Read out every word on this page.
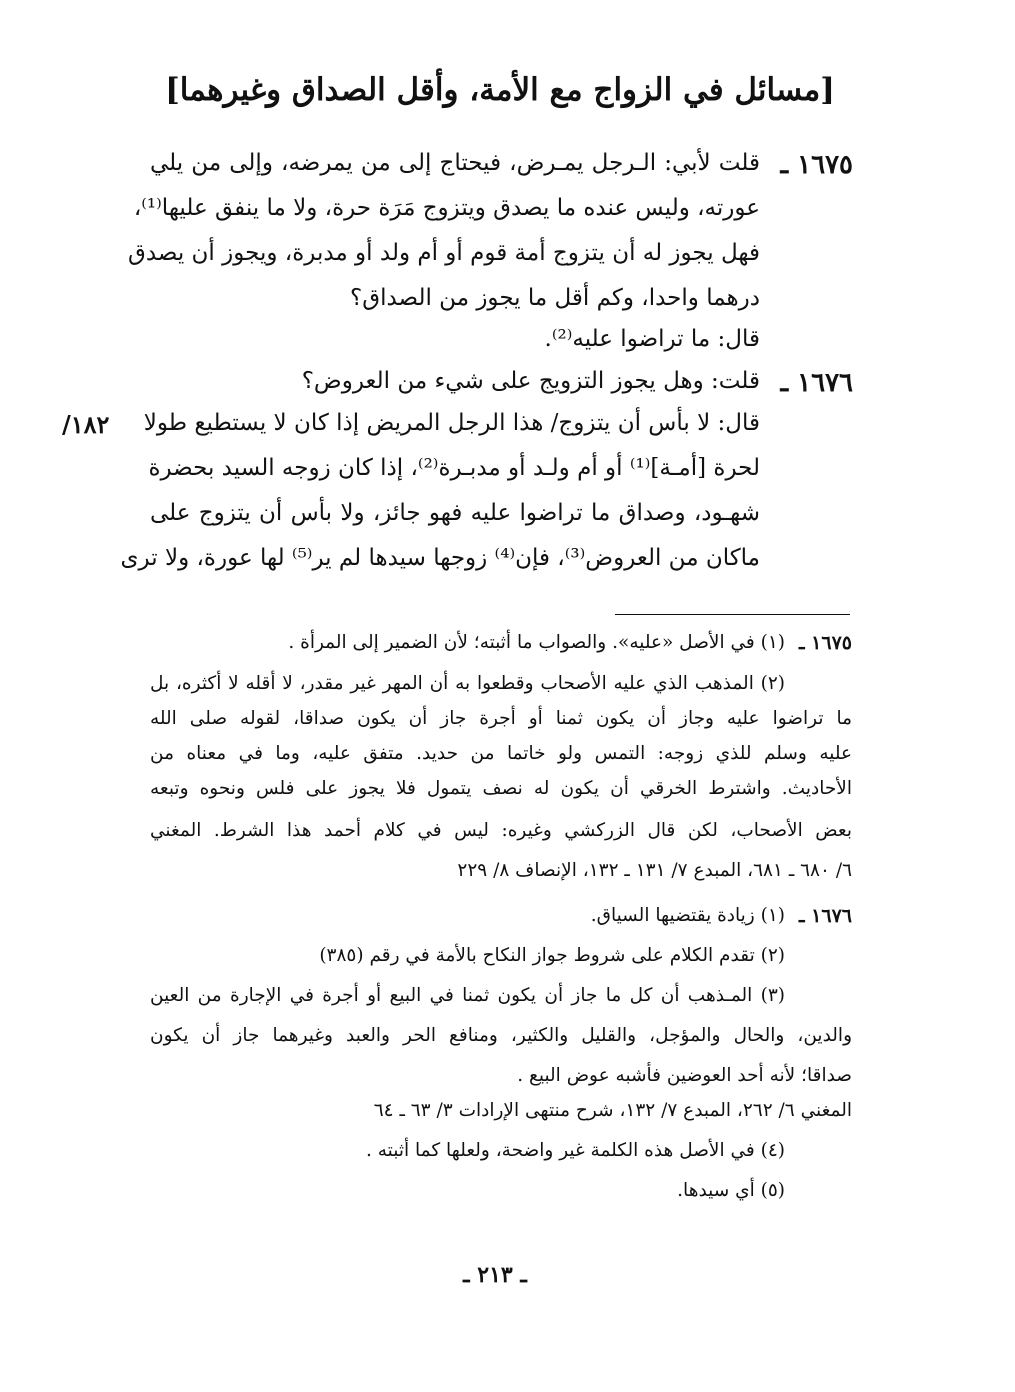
[مسائل في الزواج مع الأمة، وأقل الصداق وغيرهما]
١٦٧٥ ـ
قلت لأبي: الـرجل يمـرض، فيحتاج إلى من يمرضه، وإلى من يلي
عورته، وليس عنده ما يصدق ويتزوج مَرَة حرة، ولا ما ينفق عليها⁽¹⁾،
فهل يجوز له أن يتزوج أمة قوم أو أم ولد أو مدبرة، ويجوز أن يصدق
درهما واحدا، وكم أقل ما يجوز من الصداق؟
قال: ما تراضوا عليه⁽²⁾.
١٦٧٦ ـ
قلت: وهل يجوز التزويج على شيء من العروض؟
قال: لا بأس أن يتزوج/ هذا الرجل المريض إذا كان لا يستطيع طولا
لحرة [أمـة]⁽¹⁾ أو أم ولـد أو مدبـرة⁽²⁾، إذا كان زوجه السيد بحضرة
شهـود، وصداق ما تراضوا عليه فهو جائز، ولا بأس أن يتزوج على
ماكان من العروض⁽³⁾، فإن⁽⁴⁾ زوجها سيدها لم ير⁽⁵⁾ لها عورة، ولا ترى
١٨٢/
١٦٧٥ ـ
(١) في الأصل «عليه». والصواب ما أثبته؛ لأن الضمير إلى المرأة .
(٢) المذهب الذي عليه الأصحاب وقطعوا به أن المهر غير مقدر، لا أقله لا أكثره، بل
ما تراضوا عليه وجاز أن يكون ثمنا أو أجرة جاز أن يكون صداقا، لقوله صلى الله
عليه وسلم للذي زوجه: التمس ولو خاتما من حديد. متفق عليه، وما في معناه من
الأحاديث. واشترط الخرقي أن يكون له نصف يتمول فلا يجوز على فلس ونحوه وتبعه
بعض الأصحاب، لكن قال الزركشي وغيره: ليس في كلام أحمد هذا الشرط. المغني
٦/ ٦٨٠ ـ ٦٨١، المبدع ٧/ ١٣١ ـ ١٣٢، الإنصاف ٨/ ٢٢٩
١٦٧٦ ـ
(١) زيادة يقتضيها السياق.
(٢) تقدم الكلام على شروط جواز النكاح بالأمة في رقم (٣٨٥)
(٣) المـذهب أن كل ما جاز أن يكون ثمنا في البيع أو أجرة في الإجارة من العين
والدين، والحال والمؤجل، والقليل والكثير، ومنافع الحر والعبد وغيرهما جاز أن يكون
صداقا؛ لأنه أحد العوضين فأشبه عوض البيع .
المغني ٦/ ٢٦٢، المبدع ٧/ ١٣٢، شرح منتهى الإرادات ٣/ ٦٣ ـ ٦٤
(٤) في الأصل هذه الكلمة غير واضحة، ولعلها كما أثبته .
(٥) أي سيدها.
ـ ٢١٣ ـ
